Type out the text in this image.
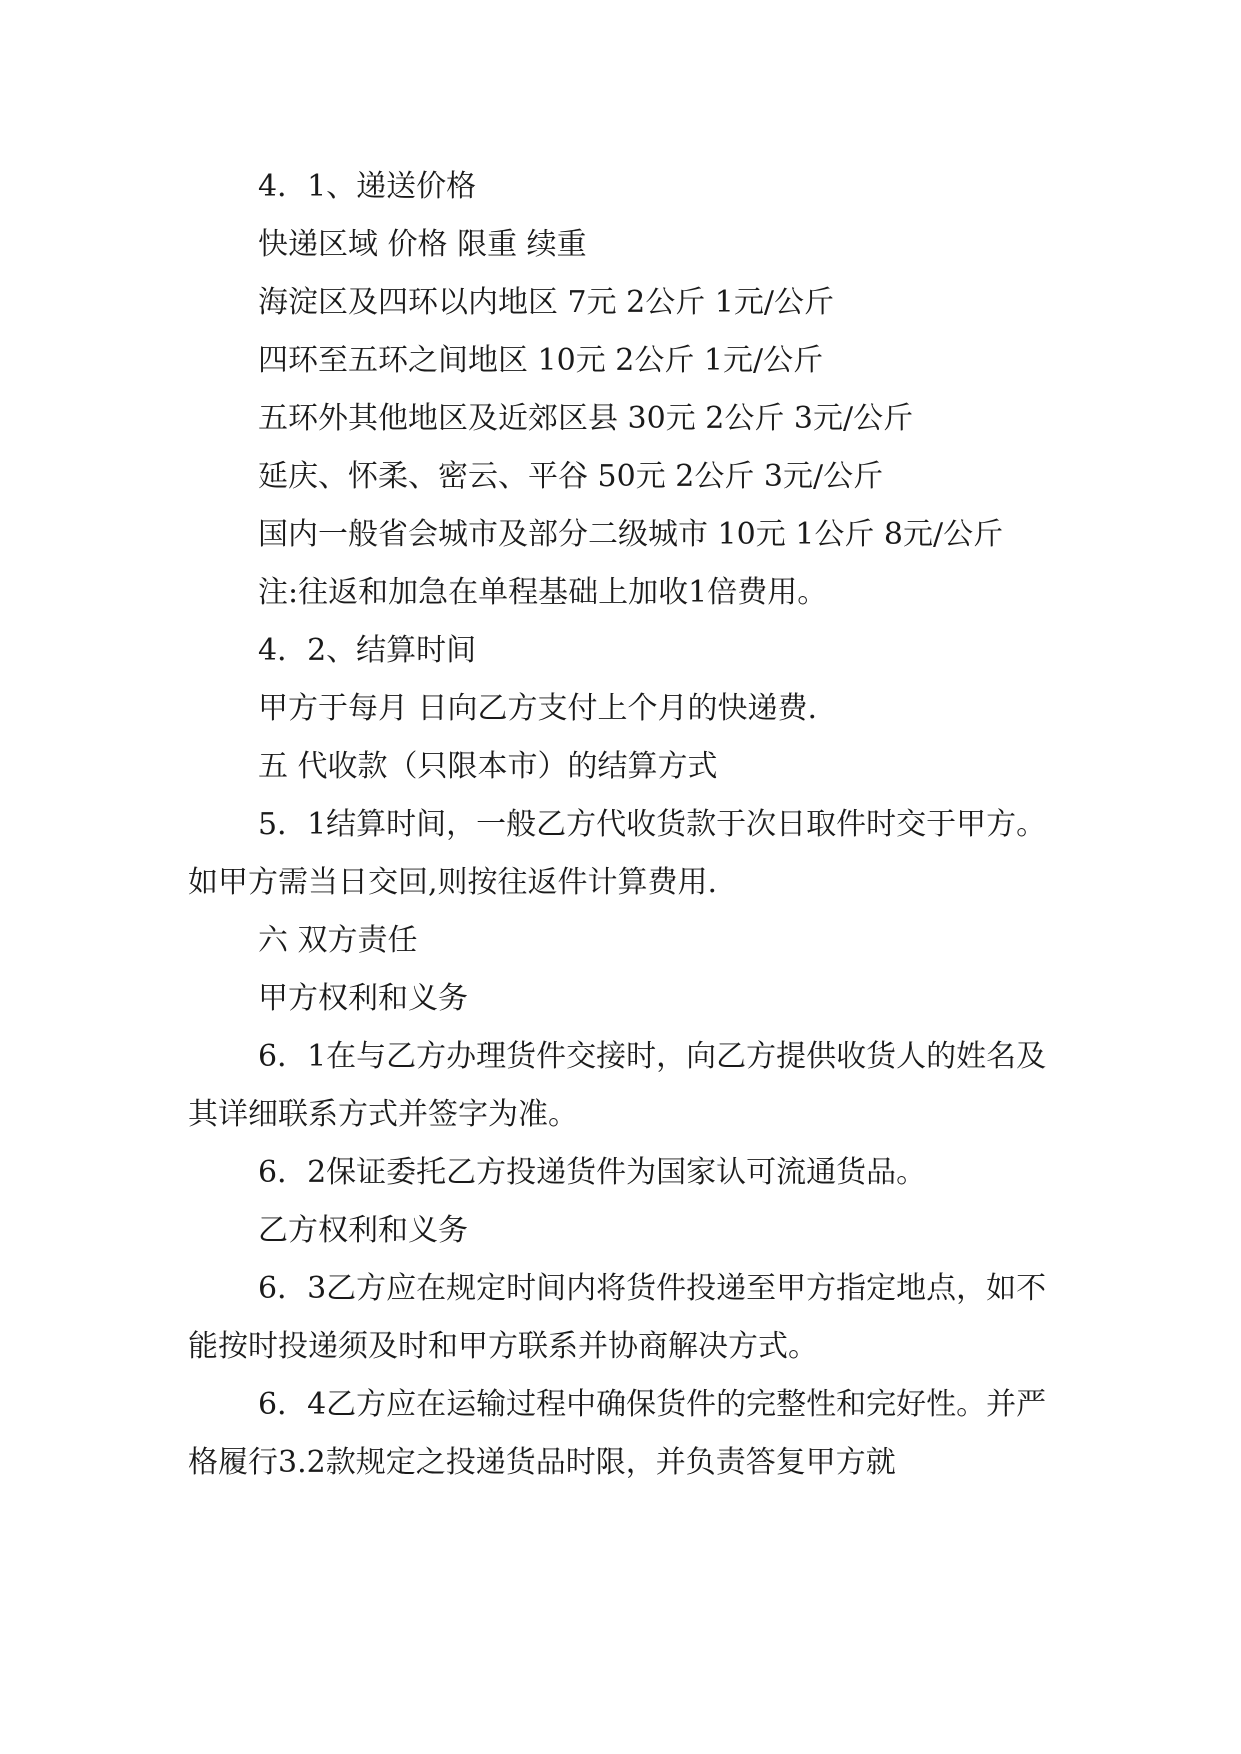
4．1、递送价格

快递区域 价格 限重 续重

海淀区及四环以内地区 7元 2公斤 1元/公斤

四环至五环之间地区 10元 2公斤 1元/公斤

五环外其他地区及近郊区县 30元 2公斤 3元/公斤

延庆、怀柔、密云、平谷 50元 2公斤 3元/公斤

国内一般省会城市及部分二级城市 10元 1公斤 8元/公斤

注:往返和加急在单程基础上加收1倍费用。

4．2、结算时间

甲方于每月 日向乙方支付上个月的快递费.

五 代收款（只限本市）的结算方式

5．1结算时间，一般乙方代收货款于次日取件时交于甲方。如甲方需当日交回,则按往返件计算费用.

六 双方责任

甲方权利和义务

6．1在与乙方办理货件交接时，向乙方提供收货人的姓名及其详细联系方式并签字为准。

6．2保证委托乙方投递货件为国家认可流通货品。

乙方权利和义务

6．3乙方应在规定时间内将货件投递至甲方指定地点，如不能按时投递须及时和甲方联系并协商解决方式。

6．4乙方应在运输过程中确保货件的完整性和完好性。并严格履行3.2款规定之投递货品时限，并负责答复甲方就
